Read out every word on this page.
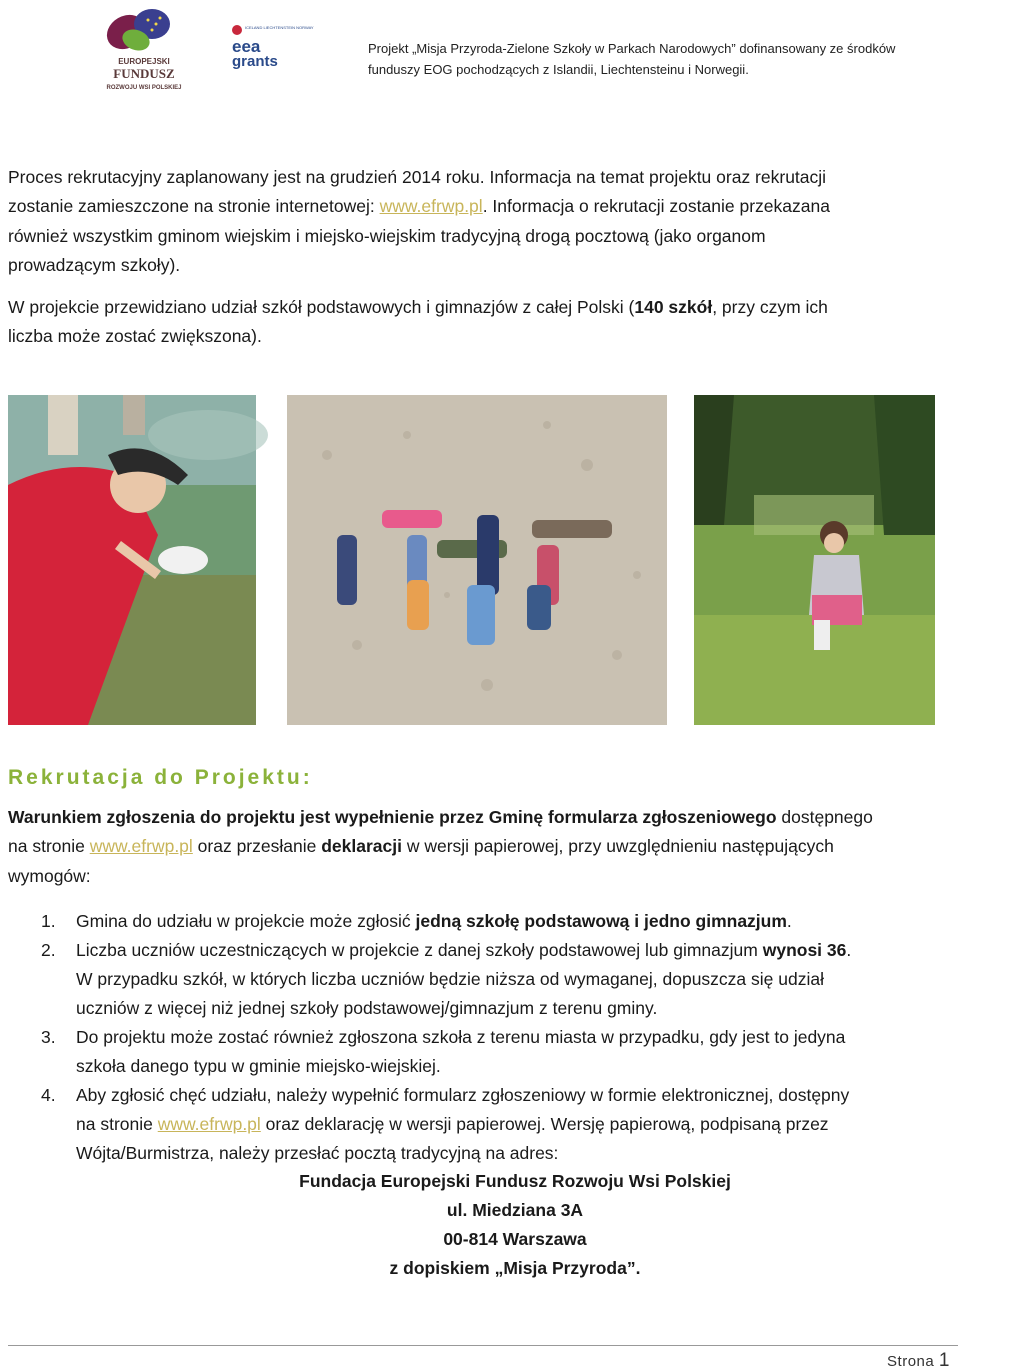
EUROPEJSKI
FUNDUSZ
ROZWOJU WSI POLSKIEJ
ICELAND LIECHTENSTEIN NORWAY
eea
grants
Projekt „Misja Przyroda-Zielone Szkoły w Parkach Narodowych” dofinansowany ze środków
funduszy EOG pochodzących z Islandii, Liechtensteinu i Norwegii.
Proces rekrutacyjny zaplanowany jest na grudzień 2014 roku. Informacja na temat projektu oraz rekrutacji
zostanie zamieszczone na stronie internetowej: www.efrwp.pl. Informacja o rekrutacji zostanie przekazana
również wszystkim gminom wiejskim i miejsko-wiejskim tradycyjną drogą pocztową (jako organom
prowadzącym szkoły).
W projekcie przewidziano udział szkół podstawowych i gimnazjów z całej Polski (140 szkół, przy czym ich
liczba może zostać zwiększona).
Rekrutacja do Projektu:
Warunkiem zgłoszenia do projektu jest wypełnienie przez Gminę formularza zgłoszeniowego dostępnego
na stronie www.efrwp.pl oraz przesłanie deklaracji w wersji papierowej, przy uwzględnieniu następujących
wymogów:
1. Gmina do udziału w projekcie może zgłosić jedną szkołę podstawową i jedno gimnazjum.
2. Liczba uczniów uczestniczących w projekcie z danej szkoły podstawowej lub gimnazjum wynosi 36.
W przypadku szkół, w których liczba uczniów będzie niższa od wymaganej, dopuszcza się udział
uczniów z więcej niż jednej szkoły podstawowej/gimnazjum z terenu gminy.
3. Do projektu może zostać również zgłoszona szkoła z terenu miasta w przypadku, gdy jest to jedyna
szkoła danego typu w gminie miejsko-wiejskiej.
4. Aby zgłosić chęć udziału, należy wypełnić formularz zgłoszeniowy w formie elektronicznej, dostępny
na stronie www.efrwp.pl oraz deklarację w wersji papierowej. Wersję papierową, podpisaną przez
Wójta/Burmistrza, należy przesłać pocztą tradycyjną na adres:
Fundacja Europejski Fundusz Rozwoju Wsi Polskiej
ul. Miedziana 3A
00-814 Warszawa
z dopiskiem „Misja Przyroda”.
Strona 1
